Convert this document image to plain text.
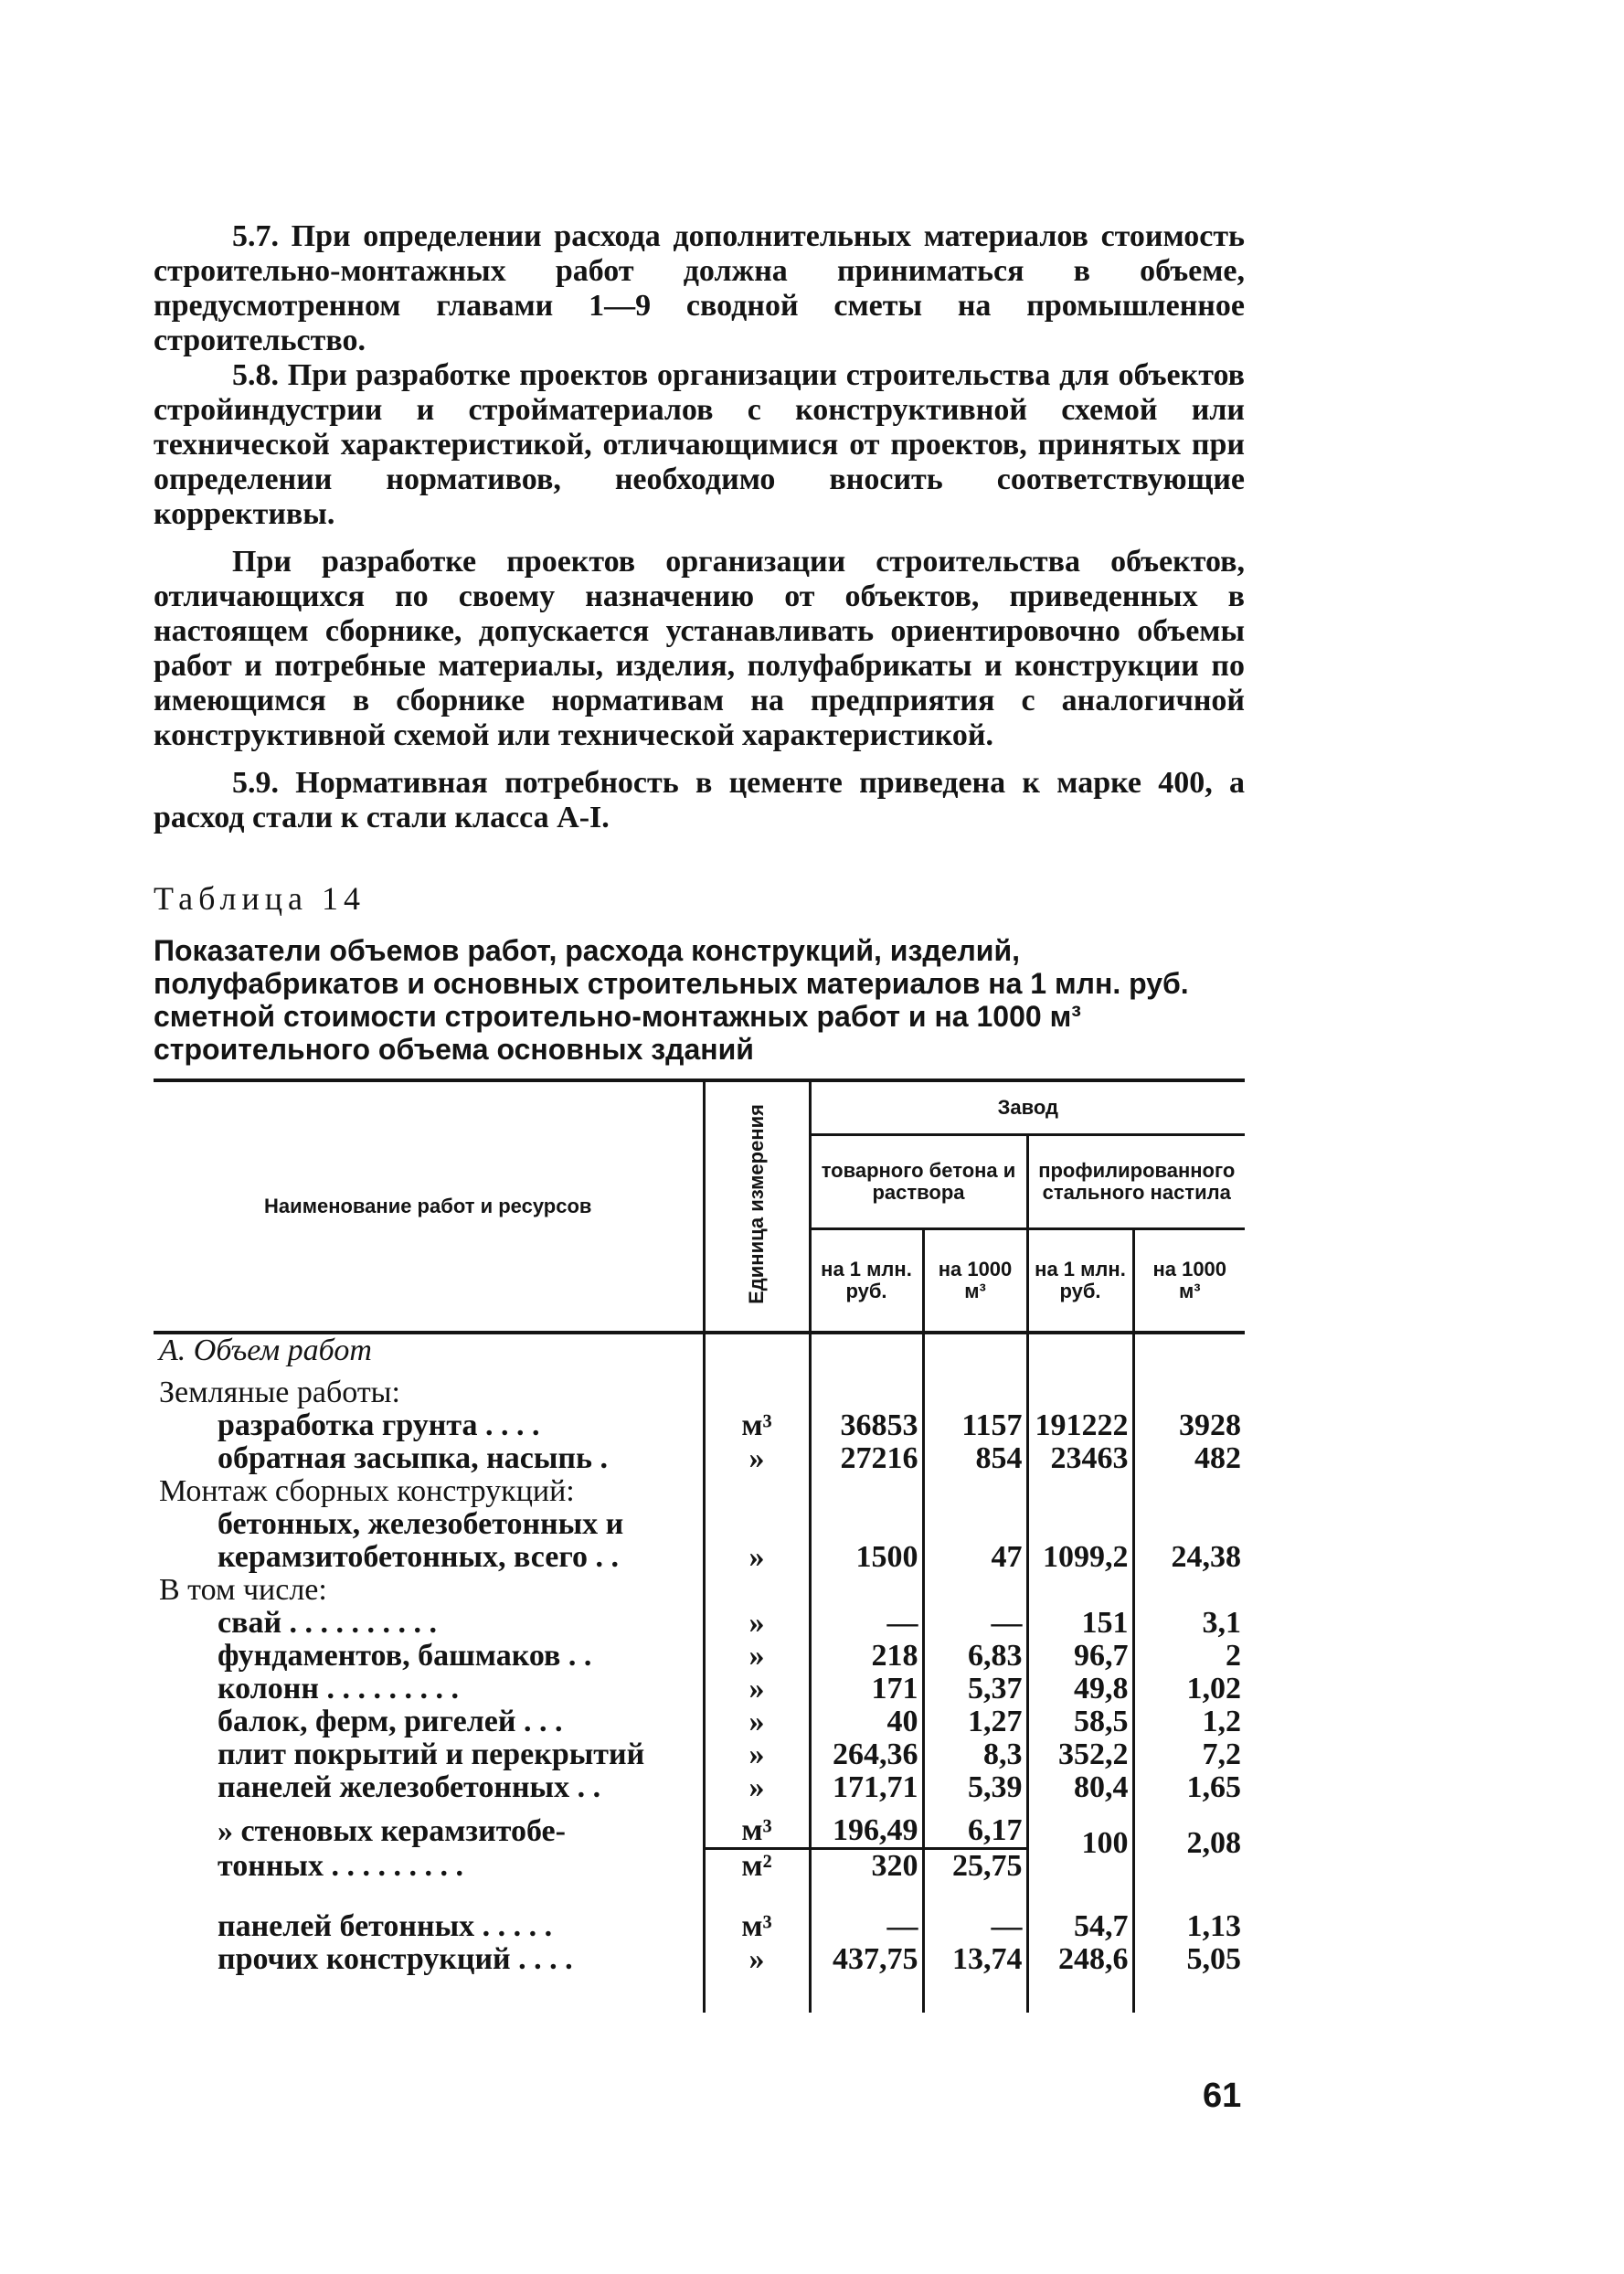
5.7. При определении расхода дополнительных материалов стоимость строительно-монтажных работ должна приниматься в объеме, предусмотренном главами 1—9 сводной сметы на промышленное строительство.

5.8. При разработке проектов организации строительства для объектов стройиндустрии и стройматериалов с конструктивной схемой или технической характеристикой, отличающимися от проектов, принятых при определении нормативов, необходимо вносить соответствующие коррективы.

При разработке проектов организации строительства объектов, отличающихся по своему назначению от объектов, приведенных в настоящем сборнике, допускается устанавливать ориентировочно объемы работ и потребные материалы, изделия, полуфабрикаты и конструкции по имеющимся в сборнике нормативам на предприятия с аналогичной конструктивной схемой или технической характеристикой.

5.9. Нормативная потребность в цементе приведена к марке 400, а расход стали к стали класса А-I.

Таблица 14
Показатели объемов работ, расхода конструкций, изделий, полуфабрикатов и основных строительных материалов на 1 млн. руб. сметной стоимости строительно-монтажных работ и на 1000 м³ строительного объема основных зданий
Наименование работ и ресурсов	Единица измерения	Завод			
		товарного бетона и раствора		профилированного стального настила	
		на 1 млн. руб.	на 1000 м³	на 1 млн. руб.	на 1000 м³
А. Объем работ					
Земляные работы:					
разработка грунта . . . .	м³	36853	1157	191222	3928
обратная засыпка, насыпь .	»	27216	854	23463	482
Монтаж сборных конструкций:					
бетонных, железобетонных и					
керамзитобетонных, всего . .	»	1500	47	1099,2	24,38
В том числе:					
свай . . . . . . . . . .	»	—	—	151	3,1
фундаментов, башмаков . .	»	218	6,83	96,7	2
колонн . . . . . . . . .	»	171	5,37	49,8	1,02
балок, ферм, ригелей . . .	»	40	1,27	58,5	1,2
плит покрытий и перекрытий	»	264,36	8,3	352,2	7,2
панелей железобетонных . .	»	171,71	5,39	80,4	1,65
» стеновых керамзитобе-	м³	196,49	6,17	100	2,08
тонных . . . . . . . . .	м²	320	25,75		
панелей бетонных . . . . .	м³	—	—	54,7	1,13
прочих конструкций . . . .	»	437,75	13,74	248,6	5,05
61
